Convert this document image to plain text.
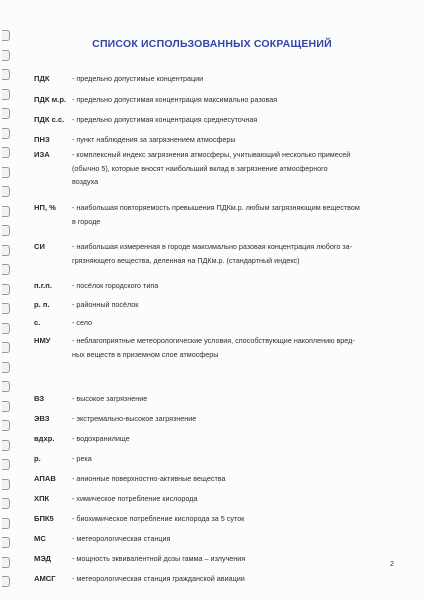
СПИСОК ИСПОЛЬЗОВАННЫХ СОКРАЩЕНИЙ
ПДК	- предельно допустимые концентрации

ПДК м.р. - предельно допустимая концентрация максимально разовая

ПДК с.с. - предельно допустимая концентрация среднесуточная

ПНЗ	- пункт наблюдения за загрязнением атмосферы

ИЗА	- комплексный индекс загрязнения атмосферы, учитывающий несколько примесей

(обычно 5), которые вносят наибольший вклад в загрязнение атмосферного

воздуха

НП, % - наибольшая повторяемость превышения ПДКм.р. любым загрязняющим веществом

в городе

СИ	- наибольшая измеренная в городе максимально разовая концентрация любого за-

грязняющего вещества, деленная на ПДКм.р. (стандартный индекс)

п.г.п.	- посёлок городского типа

р. п.	- районный посёлок

с.	- село

НМУ	- неблагоприятные метеорологические условия, способствующие накоплению вред-

ных веществ в приземном слое атмосферы

ВЗ	- высокое загрязнение

ЭВЗ	- экстремально-высокое загрязнение

вдхр. - водохранилище

р.	- река

АПАВ - анионные поверхностно-активные вещества

ХПК	- химическое потребление кислорода

БПК5	- биохимическое потребление кислорода за 5 суток

МС	- метеорологическая станция

МЭД	- мощность эквивалентной дозы гамма – излучения

АМСГ - метеорологическая станция гражданской авиации

2
